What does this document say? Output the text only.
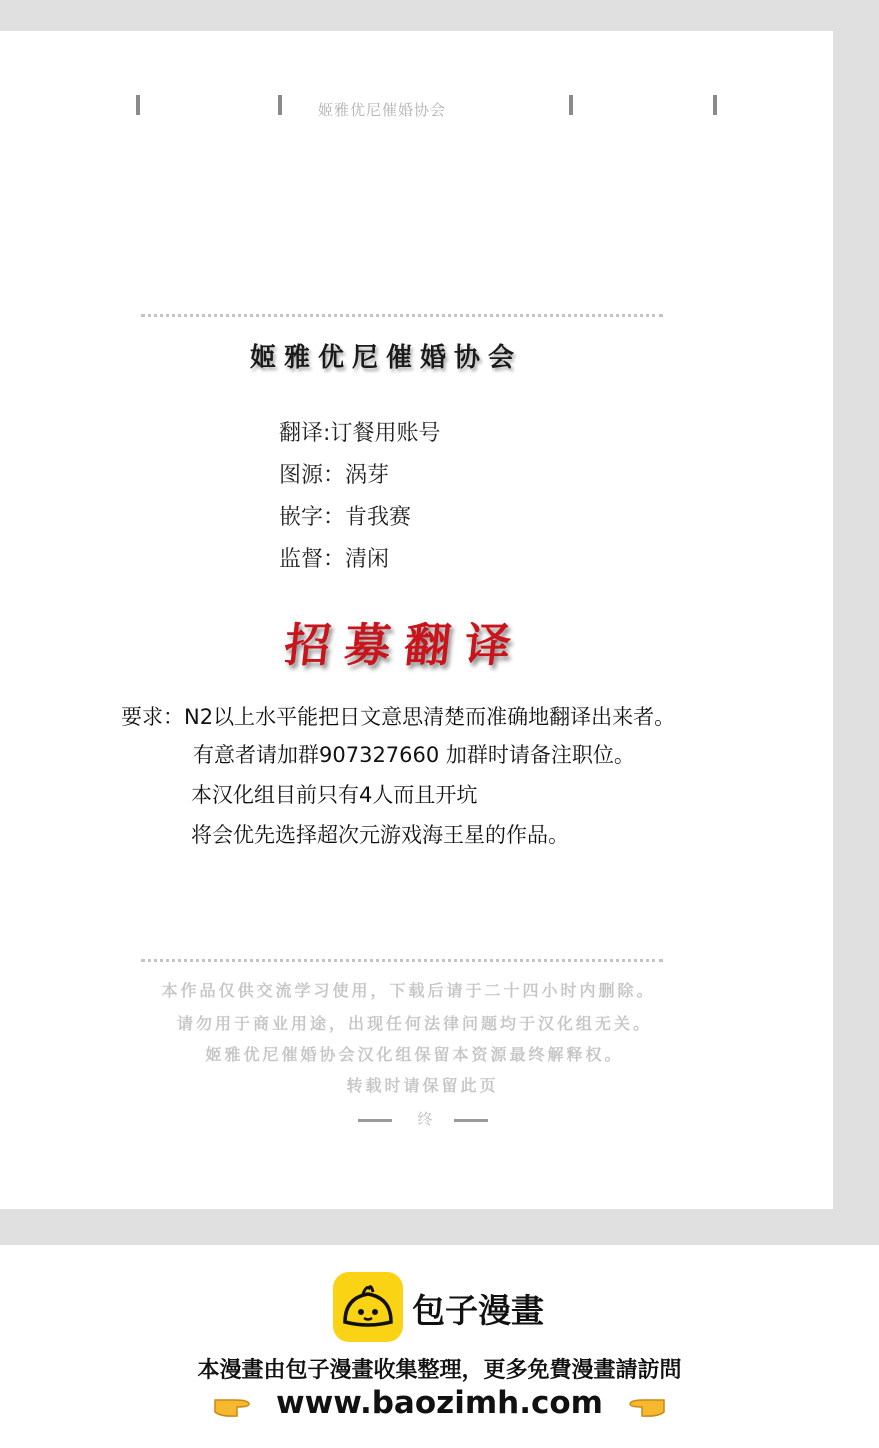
姬雅优尼催婚协会
姬雅优尼催婚协会
翻译:订餐用账号
图源：涡芽
嵌字：肯我赛
监督：清闲
招募翻译
要求：N2以上水平能把日文意思清楚而准确地翻译出来者。
有意者请加群907327660 加群时请备注职位。
本汉化组目前只有4人而且开坑
将会优先选择超次元游戏海王星的作品。
本作品仅供交流学习使用，下载后请于二十四小时内删除。
请勿用于商业用途，出现任何法律问题均于汉化组无关。
姬雅优尼催婚协会汉化组保留本资源最终解释权。
转载时请保留此页
终
包子漫畫
本漫畫由包子漫畫收集整理，更多免費漫畫請訪問
www.baozimh.com
